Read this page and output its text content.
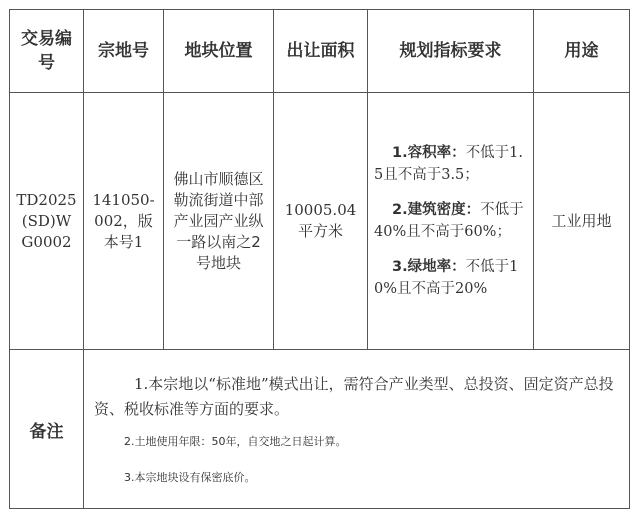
交易编号	宗地号	地块位置	出让面积	规划指标要求	用途
TD2025(SD)WG0002	141050-002，版本号1	佛山市顺德区勒流街道中部产业园产业纵一路以南之2号地块	10005.04平方米	1.容积率：不低于1.5且不高于3.5；

2.建筑密度：不低于40%且不高于60%；

3.绿地率：不低于10%且不高于20%	工业用地
备注	1.本宗地以“标准地”模式出让，需符合产业类型、总投资、固定资产总投资、税收标准等方面的要求。

2.土地使用年限：50年，自交地之日起计算。

3.本宗地块设有保密底价。				
